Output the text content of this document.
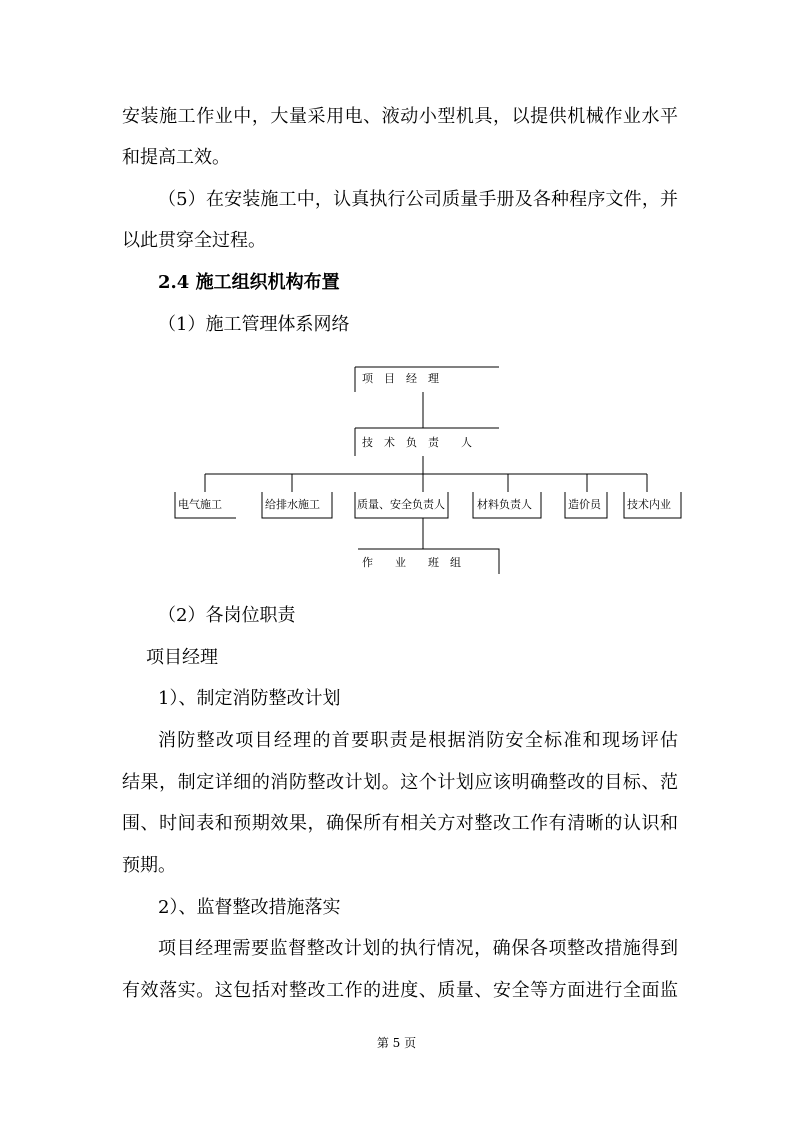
安装施工作业中，大量采用电、液动小型机具，以提供机械作业水平

和提高工效。

（5）在安装施工中，认真执行公司质量手册及各种程序文件，并

以此贯穿全过程。

2.4 施工组织机构布置

（1）施工管理体系网络

项　目　经　理
技　术　负　责　　人
电气施工	给排水施工	质量、安全负责人	材料负责人	造价员 技术内业
作　　业　　班　组

（2）各岗位职责

项目经理

1）、制定消防整改计划

消防整改项目经理的首要职责是根据消防安全标准和现场评估

结果，制定详细的消防整改计划。这个计划应该明确整改的目标、范

围、时间表和预期效果，确保所有相关方对整改工作有清晰的认识和

预期。

2）、监督整改措施落实

项目经理需要监督整改计划的执行情况，确保各项整改措施得到

有效落实。这包括对整改工作的进度、质量、安全等方面进行全面监

第 5 页
